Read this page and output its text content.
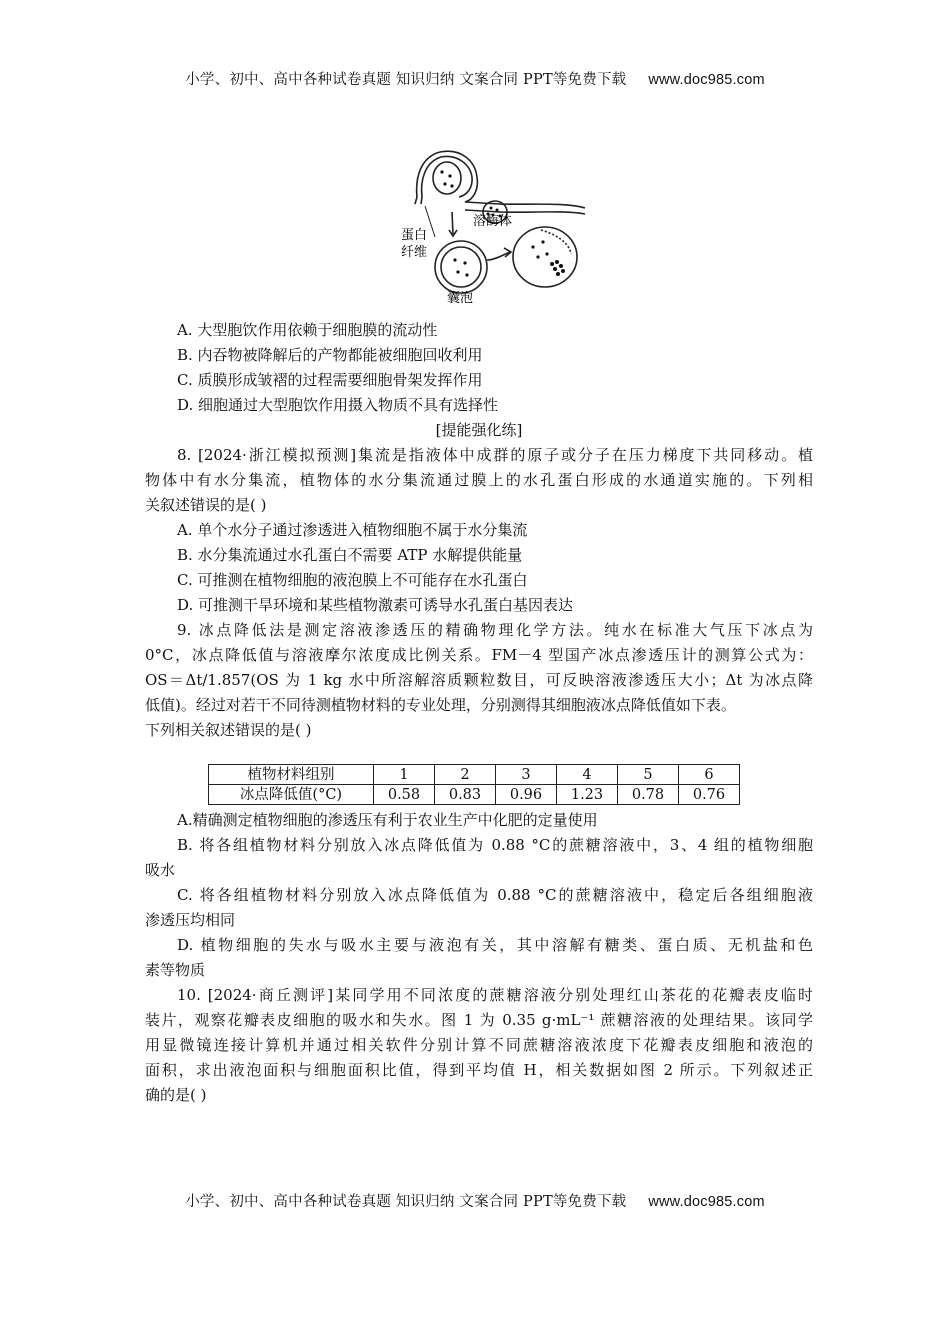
小学、初中、高中各种试卷真题 知识归纳 文案合同 PPT等免费下载 www.doc985.com
蛋白
纤维
溶酶体
囊泡
A. 大型胞饮作用依赖于细胞膜的流动性
B. 内吞物被降解后的产物都能被细胞回收利用
C. 质膜形成皱褶的过程需要细胞骨架发挥作用
D. 细胞通过大型胞饮作用摄入物质不具有选择性
[提能强化练]
8. [2024·浙江模拟预测]集流是指液体中成群的原子或分子在压力梯度下共同移动。植
物体中有水分集流，植物体的水分集流通过膜上的水孔蛋白形成的水通道实施的。下列相
关叙述错误的是( )
A. 单个水分子通过渗透进入植物细胞不属于水分集流
B. 水分集流通过水孔蛋白不需要 ATP 水解提供能量
C. 可推测在植物细胞的液泡膜上不可能存在水孔蛋白
D. 可推测干旱环境和某些植物激素可诱导水孔蛋白基因表达
9. 冰点降低法是测定溶液渗透压的精确物理化学方法。纯水在标准大气压下冰点为
0°C，冰点降低值与溶液摩尔浓度成比例关系。FM－4 型国产冰点渗透压计的测算公式为：
OS＝Δt/1.857(OS 为 1 kg 水中所溶解溶质颗粒数目，可反映溶液渗透压大小；Δt 为冰点降
低值)。经过对若干不同待测植物材料的专业处理，分别测得其细胞液冰点降低值如下表。
下列相关叙述错误的是( )
植物材料组别	1	2	3	4	5	6
冰点降低值(°C)	0.58	0.83	0.96	1.23	0.78	0.76
A.精确测定植物细胞的渗透压有利于农业生产中化肥的定量使用
B. 将各组植物材料分别放入冰点降低值为 0.88 °C的蔗糖溶液中，3、4 组的植物细胞
吸水
C. 将各组植物材料分别放入冰点降低值为 0.88 °C的蔗糖溶液中，稳定后各组细胞液
渗透压均相同
D. 植物细胞的失水与吸水主要与液泡有关，其中溶解有糖类、蛋白质、无机盐和色
素等物质
10. [2024·商丘测评]某同学用不同浓度的蔗糖溶液分别处理红山茶花的花瓣表皮临时
装片，观察花瓣表皮细胞的吸水和失水。图 1 为 0.35 g·mL⁻¹ 蔗糖溶液的处理结果。该同学
用显微镜连接计算机并通过相关软件分别计算不同蔗糖溶液浓度下花瓣表皮细胞和液泡的
面积，求出液泡面积与细胞面积比值，得到平均值 H，相关数据如图 2 所示。下列叙述正
确的是( )
小学、初中、高中各种试卷真题 知识归纳 文案合同 PPT等免费下载 www.doc985.com
